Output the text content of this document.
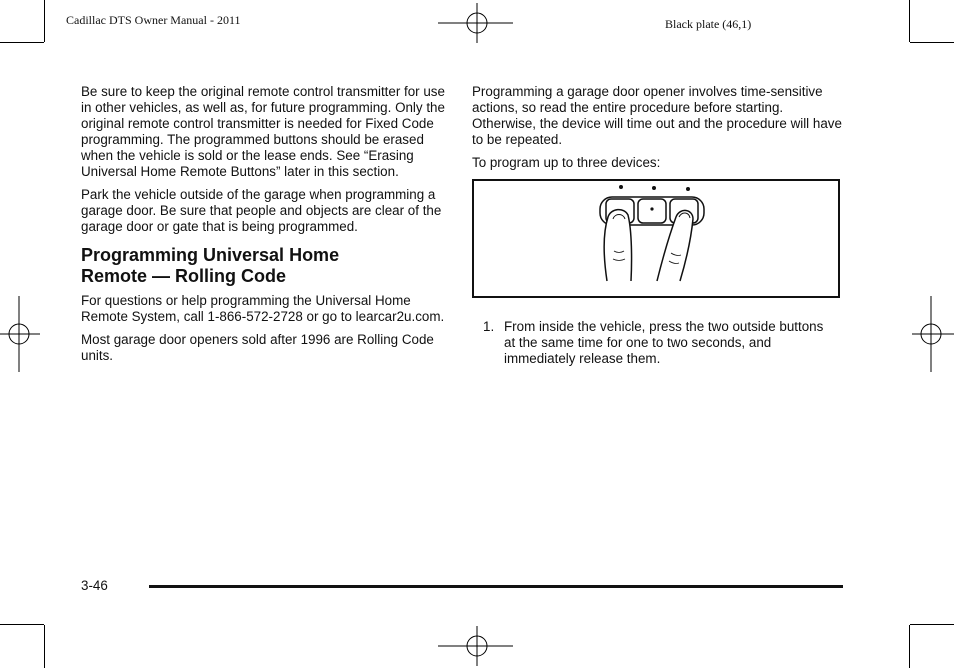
Cadillac DTS Owner Manual - 2011	Black plate (46,1)

Be sure to keep the original remote control transmitter for use in other vehicles, as well as, for future programming. Only the original remote control transmitter is needed for Fixed Code programming. The programmed buttons should be erased when the vehicle is sold or the lease ends. See “Erasing Universal Home Remote Buttons” later in this section.

Park the vehicle outside of the garage when programming a garage door. Be sure that people and objects are clear of the garage door or gate that is being programmed.

Programming Universal Home Remote — Rolling Code

For questions or help programming the Universal Home Remote System, call 1-866-572-2728 or go to learcar2u.com.

Most garage door openers sold after 1996 are Rolling Code units.

Programming a garage door opener involves time-sensitive actions, so read the entire procedure before starting. Otherwise, the device will time out and the procedure will have to be repeated.

To program up to three devices:

1. From inside the vehicle, press the two outside buttons at the same time for one to two seconds, and immediately release them.
3-46
